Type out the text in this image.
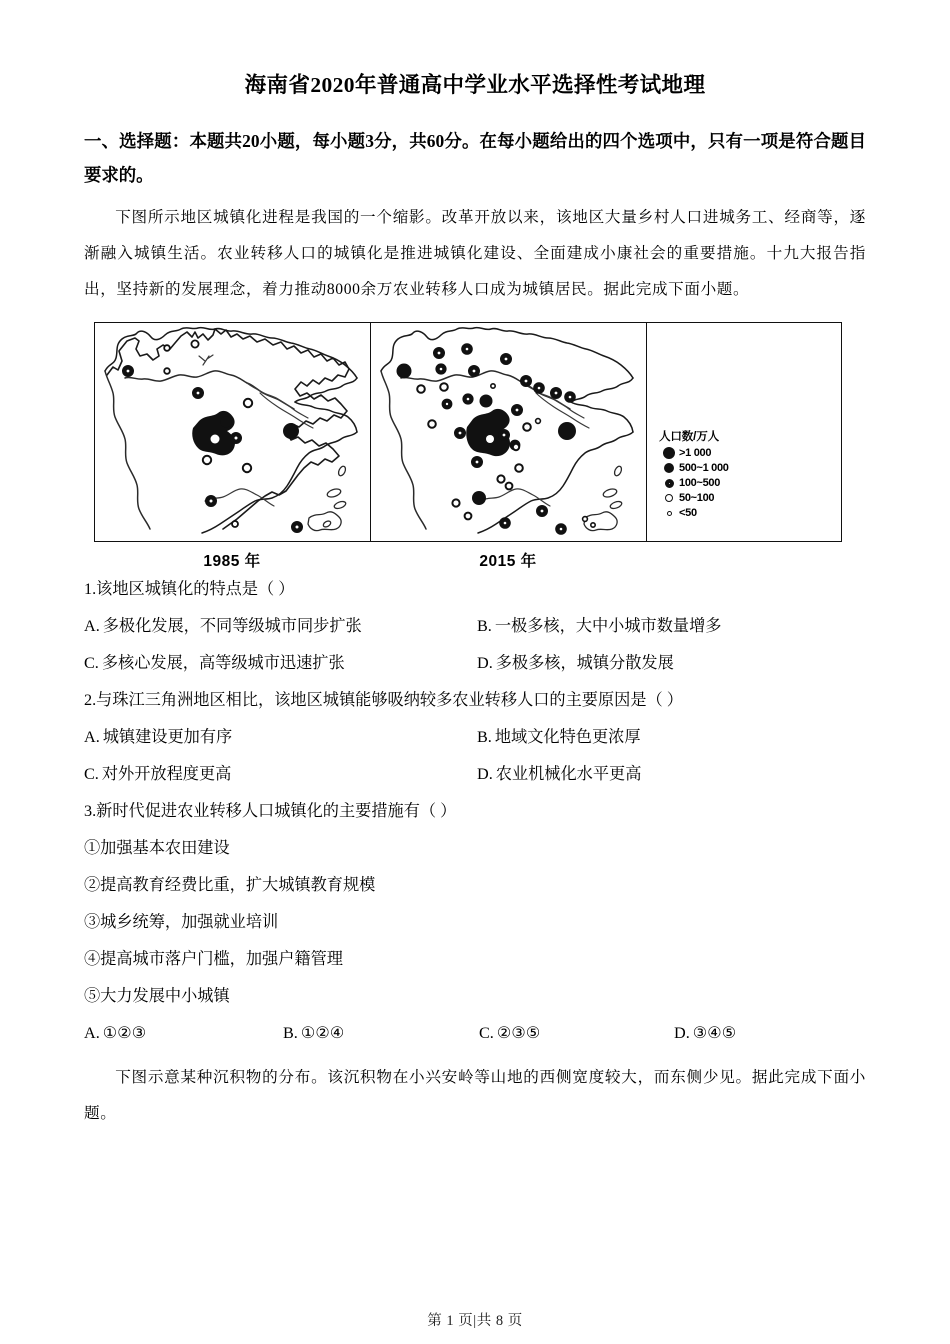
海南省2020年普通高中学业水平选择性考试地理
一、选择题：本题共20小题，每小题3分，共60分。在每小题给出的四个选项中，只有一项是符合题目要求的。
下图所示地区城镇化进程是我国的一个缩影。改革开放以来，该地区大量乡村人口进城务工、经商等，逐渐融入城镇生活。农业转移人口的城镇化是推进城镇化建设、全面建成小康社会的重要措施。十九大报告指出，坚持新的发展理念，着力推动8000余万农业转移人口成为城镇居民。据此完成下面小题。
人口数/万人
>1 000
500~1 000
100~500
50~100
<50
1985 年	2015 年
1.该地区城镇化的特点是（ ）
A. 多极化发展，不同等级城市同步扩张	B. 一极多核，大中小城市数量增多
C. 多核心发展，高等级城市迅速扩张	D. 多极多核，城镇分散发展
2.与珠江三角洲地区相比，该地区城镇能够吸纳较多农业转移人口的主要原因是（ ）
A. 城镇建设更加有序	B. 地域文化特色更浓厚
C. 对外开放程度更高	D. 农业机械化水平更高
3.新时代促进农业转移人口城镇化的主要措施有（ ）
①加强基本农田建设
②提高教育经费比重，扩大城镇教育规模
③城乡统筹，加强就业培训
④提高城市落户门槛，加强户籍管理
⑤大力发展中小城镇
A. ①②③	B. ①②④	C. ②③⑤	D. ③④⑤
下图示意某种沉积物的分布。该沉积物在小兴安岭等山地的西侧宽度较大，而东侧少见。据此完成下面小题。
第 1 页|共 8 页
